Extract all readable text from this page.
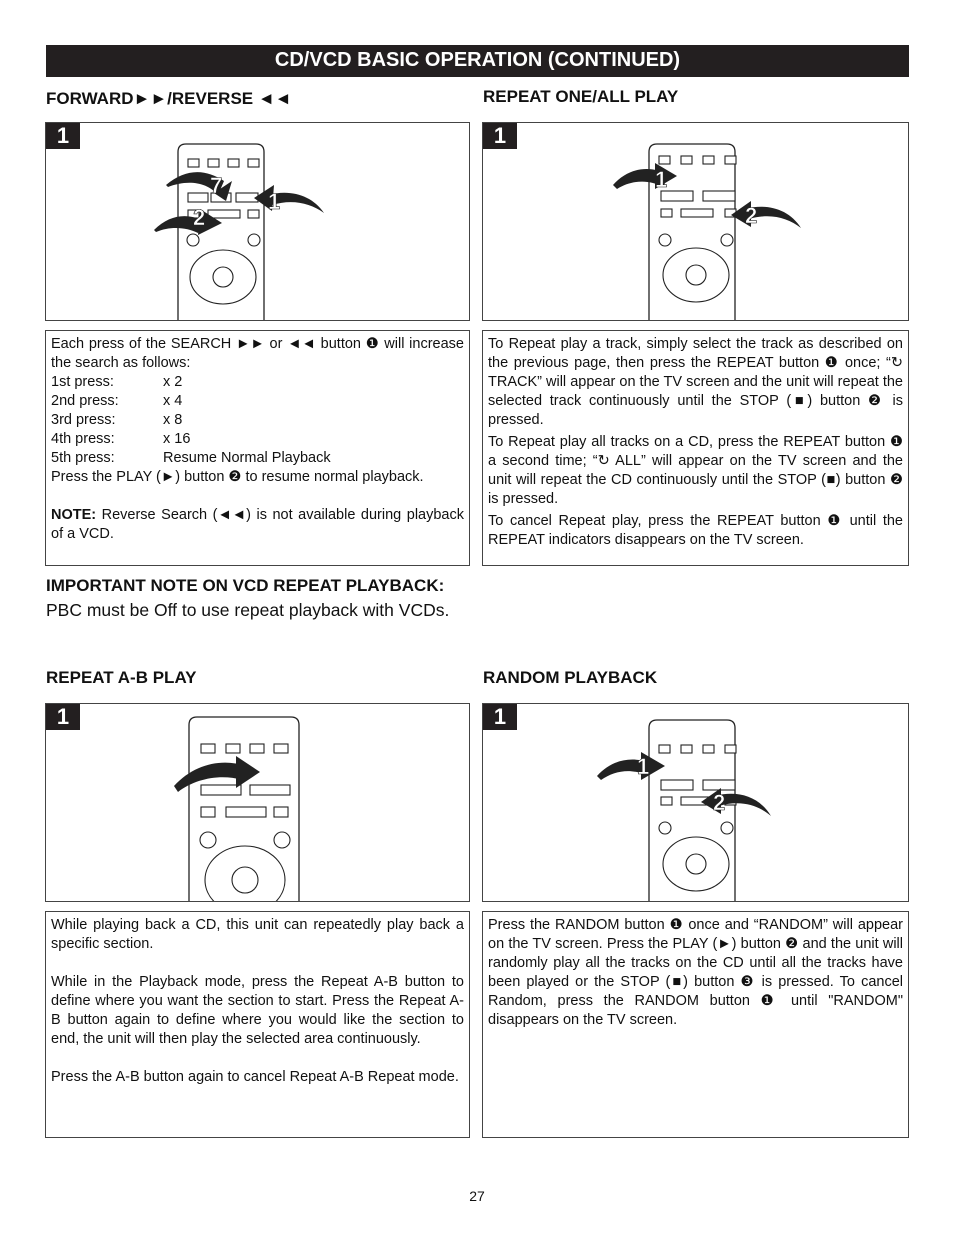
CD/VCD BASIC OPERATION (CONTINUED)
FORWARD►►/REVERSE ◄◄
1
7
1
2
Each press of the SEARCH ►► or ◄◄ button ❶ will increase the search as follows:
1st press:	x 2
2nd press:	x 4
3rd press:	x 8
4th press:	x 16
5th press:	Resume Normal Playback
Press the PLAY (►) button ❷ to resume normal playback.
NOTE: Reverse Search (◄◄) is not available during playback of a VCD.
REPEAT ONE/ALL PLAY
1
1
2
To Repeat play a track, simply select the track as described on the previous page, then press the REPEAT button ❶ once; “↻ TRACK” will appear on the TV screen and the unit will repeat the selected track continuously until the STOP (■) button ❷ is pressed.
To Repeat play all tracks on a CD, press the REPEAT button ❶ a second time; “↻ ALL” will appear on the TV screen and the unit will repeat the CD continuously until the STOP (■) button ❷ is pressed.
To cancel Repeat play, press the REPEAT button ❶ until the REPEAT indicators disappears on the TV screen.
IMPORTANT NOTE ON VCD REPEAT PLAYBACK:
PBC must be Off to use repeat playback with VCDs.
REPEAT A-B PLAY
1
While playing back a CD, this unit can repeatedly play back a specific section.
While in the Playback mode, press the Repeat A-B button to define where you want the section to start. Press the Repeat A-B button again to define where you would like the section to end, the unit will then play the selected area continuously.
Press the A-B button again to cancel Repeat A-B Repeat mode.
RANDOM PLAYBACK
1
1
2
Press the RANDOM button ❶ once and “RANDOM” will appear on the TV screen. Press the PLAY (►) button ❷ and the unit will randomly play all the tracks on the CD until all the tracks have been played or the STOP (■) button ❸ is pressed. To cancel Random, press the RANDOM button ❶ until "RANDOM" disappears on the TV screen.
27
